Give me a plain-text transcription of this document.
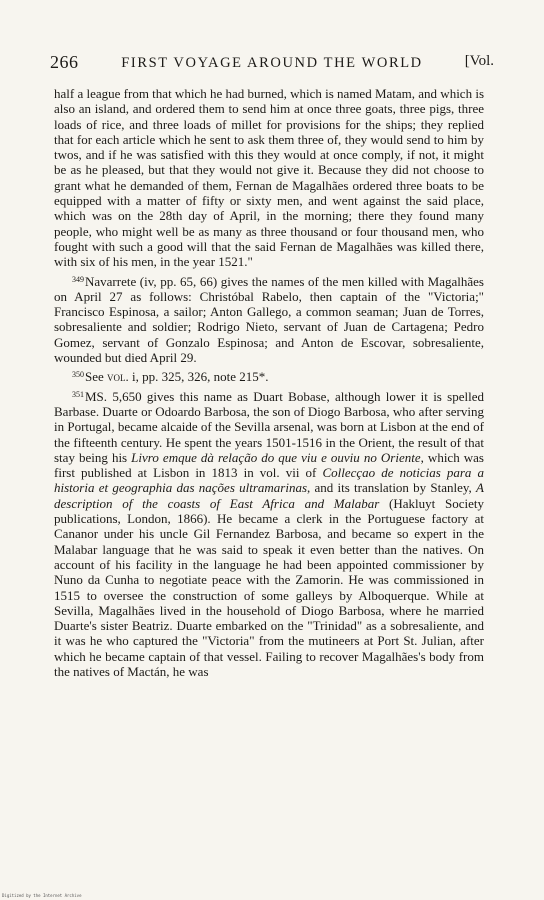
266	FIRST VOYAGE AROUND THE WORLD	[Vol.

half a league from that which he had burned, which is named Matam, and which is also an island, and ordered them to send him at once three goats, three pigs, three loads of rice, and three loads of millet for provisions for the ships; they replied that for each article which he sent to ask them three of, they would send to him by twos, and if he was satisfied with this they would at once comply, if not, it might be as he pleased, but that they would not give it. Because they did not choose to grant what he demanded of them, Fernan de Magalhães ordered three boats to be equipped with a matter of fifty or sixty men, and went against the said place, which was on the 28th day of April, in the morning; there they found many people, who might well be as many as three thousand or four thousand men, who fought with such a good will that the said Fernan de Magalhães was killed there, with six of his men, in the year 1521."

$^{349}$Navarrete (iv, pp. 65, 66) gives the names of the men killed with Magalhães on April 27 as follows: Christóbal Rabelo, then captain of the "Victoria;" Francisco Espinosa, a sailor; Anton Gallego, a common seaman; Juan de Torres, sobresaliente and soldier; Rodrigo Nieto, servant of Juan de Cartagena; Pedro Gomez, servant of Gonzalo Espinosa; and Anton de Escovar, sobresaliente, wounded but died April 29.

$^{350}$See vol. i, pp. 325, 326, note 215*.

$^{351}$MS. 5,650 gives this name as Duart Bobase, although lower it is spelled Barbase. Duarte or Odoardo Barbosa, the son of Diogo Barbosa, who after serving in Portugal, became alcaide of the Sevilla arsenal, was born at Lisbon at the end of the fifteenth century. He spent the years 1501-1516 in the Orient, the result of that stay being his Livro emque dà relação do que viu e ouviu no Oriente, which was first published at Lisbon in 1813 in vol. vii of Collecçao de noticias para a historia et geographia das nações ultramarinas, and its translation by Stanley, A description of the coasts of East Africa and Malabar (Hakluyt Society publications, London, 1866). He became a clerk in the Portuguese factory at Cananor under his uncle Gil Fernandez Barbosa, and became so expert in the Malabar language that he was said to speak it even better than the natives. On account of his facility in the language he had been appointed commissioner by Nuno da Cunha to negotiate peace with the Zamorin. He was commissioned in 1515 to oversee the construction of some galleys by Alboquerque. While at Sevilla, Magalhães lived in the household of Diogo Barbosa, where he married Duarte's sister Beatriz. Duarte embarked on the "Trinidad" as a sobresaliente, and it was he who captured the "Victoria" from the mutineers at Port St. Julian, after which he became captain of that vessel. Failing to recover Magalhães's body from the natives of Mactán, he was

Digitized by the Internet Archive
